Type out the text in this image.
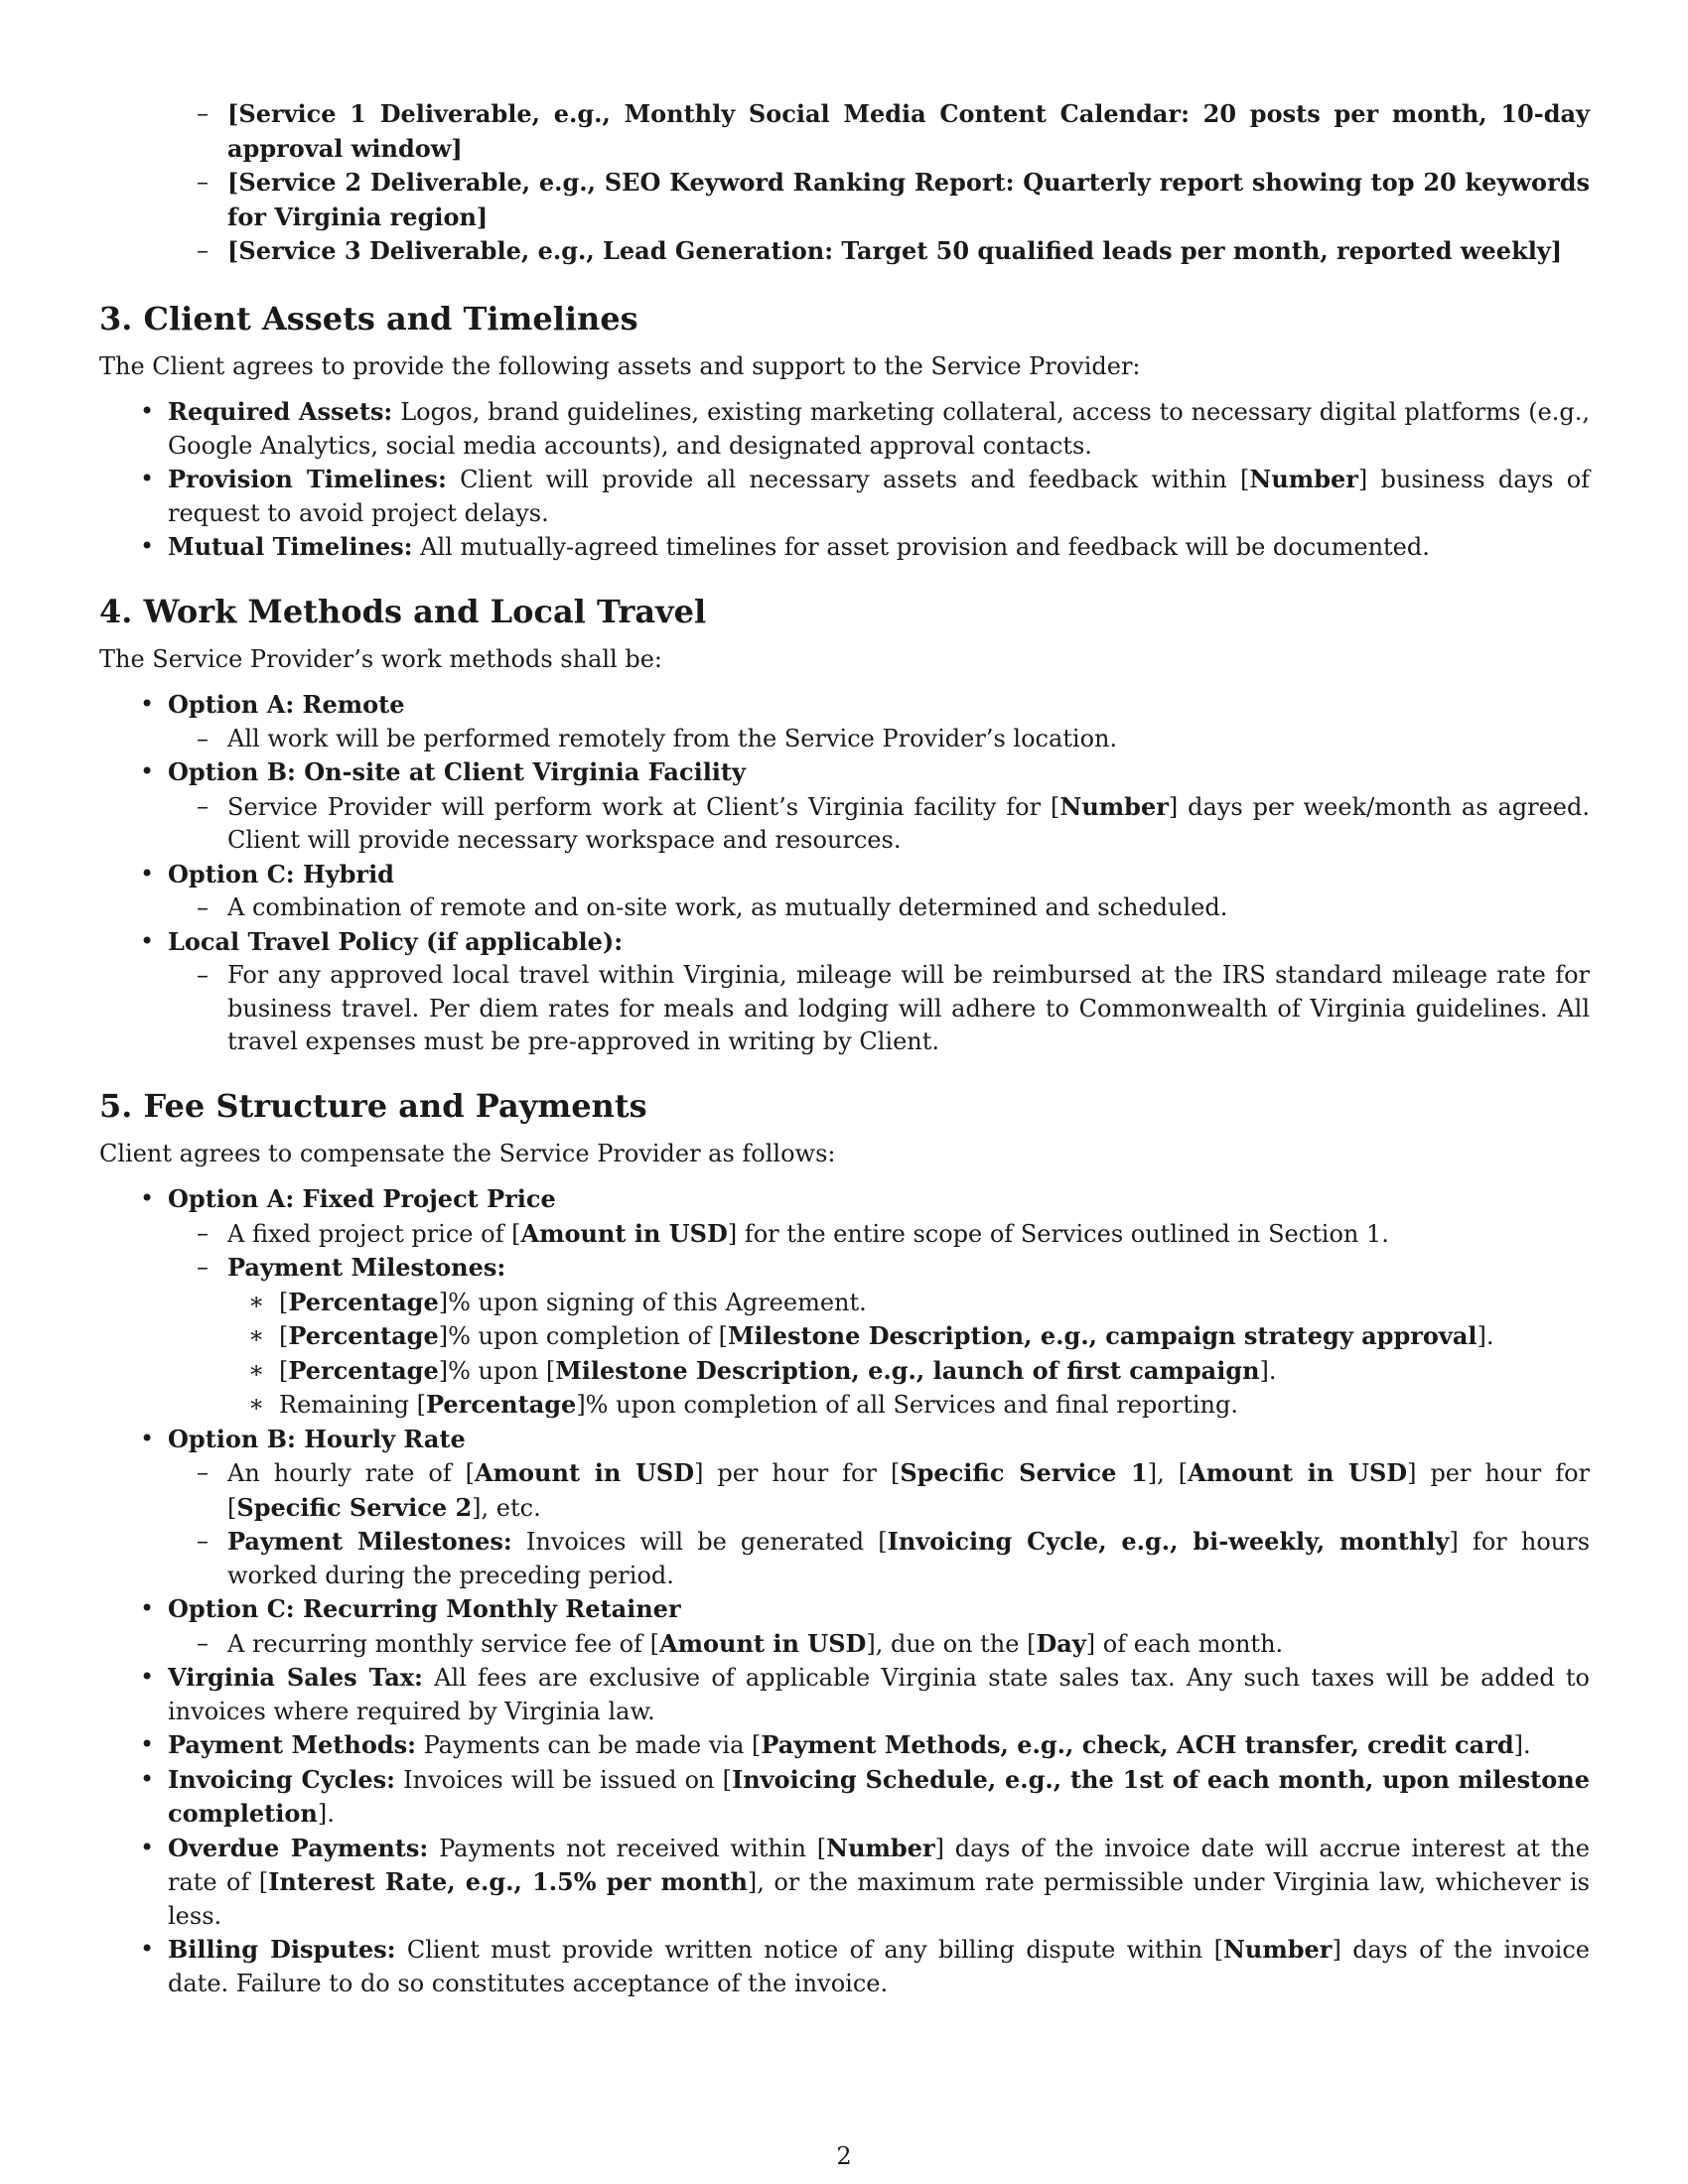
– [Service 1 Deliverable, e.g., Monthly Social Media Content Calendar: 20 posts per month, 10-day approval window]
– [Service 2 Deliverable, e.g., SEO Keyword Ranking Report: Quarterly report showing top 20 keywords for Virginia region]
– [Service 3 Deliverable, e.g., Lead Generation: Target 50 qualified leads per month, reported weekly]
3. Client Assets and Timelines
The Client agrees to provide the following assets and support to the Service Provider:
• Required Assets: Logos, brand guidelines, existing marketing collateral, access to necessary digital platforms (e.g., Google Analytics, social media accounts), and designated approval contacts.
• Provision Timelines: Client will provide all necessary assets and feedback within [Number] business days of request to avoid project delays.
• Mutual Timelines: All mutually-agreed timelines for asset provision and feedback will be documented.
4. Work Methods and Local Travel
The Service Provider’s work methods shall be:
• Option A: Remote
– All work will be performed remotely from the Service Provider’s location.
• Option B: On-site at Client Virginia Facility
– Service Provider will perform work at Client’s Virginia facility for [Number] days per week/month as agreed. Client will provide necessary workspace and resources.
• Option C: Hybrid
– A combination of remote and on-site work, as mutually determined and scheduled.
• Local Travel Policy (if applicable):
– For any approved local travel within Virginia, mileage will be reimbursed at the IRS standard mileage rate for business travel. Per diem rates for meals and lodging will adhere to Commonwealth of Virginia guidelines. All travel expenses must be pre-approved in writing by Client.
5. Fee Structure and Payments
Client agrees to compensate the Service Provider as follows:
• Option A: Fixed Project Price
– A fixed project price of [Amount in USD] for the entire scope of Services outlined in Section 1.
– Payment Milestones:
∗ [Percentage]% upon signing of this Agreement.
∗ [Percentage]% upon completion of [Milestone Description, e.g., campaign strategy approval].
∗ [Percentage]% upon [Milestone Description, e.g., launch of first campaign].
∗ Remaining [Percentage]% upon completion of all Services and final reporting.
• Option B: Hourly Rate
– An hourly rate of [Amount in USD] per hour for [Specific Service 1], [Amount in USD] per hour for [Specific Service 2], etc.
– Payment Milestones: Invoices will be generated [Invoicing Cycle, e.g., bi-weekly, monthly] for hours worked during the preceding period.
• Option C: Recurring Monthly Retainer
– A recurring monthly service fee of [Amount in USD], due on the [Day] of each month.
• Virginia Sales Tax: All fees are exclusive of applicable Virginia state sales tax. Any such taxes will be added to invoices where required by Virginia law.
• Payment Methods: Payments can be made via [Payment Methods, e.g., check, ACH transfer, credit card].
• Invoicing Cycles: Invoices will be issued on [Invoicing Schedule, e.g., the 1st of each month, upon milestone completion].
• Overdue Payments: Payments not received within [Number] days of the invoice date will accrue interest at the rate of [Interest Rate, e.g., 1.5% per month], or the maximum rate permissible under Virginia law, whichever is less.
• Billing Disputes: Client must provide written notice of any billing dispute within [Number] days of the invoice date. Failure to do so constitutes acceptance of the invoice.
2
